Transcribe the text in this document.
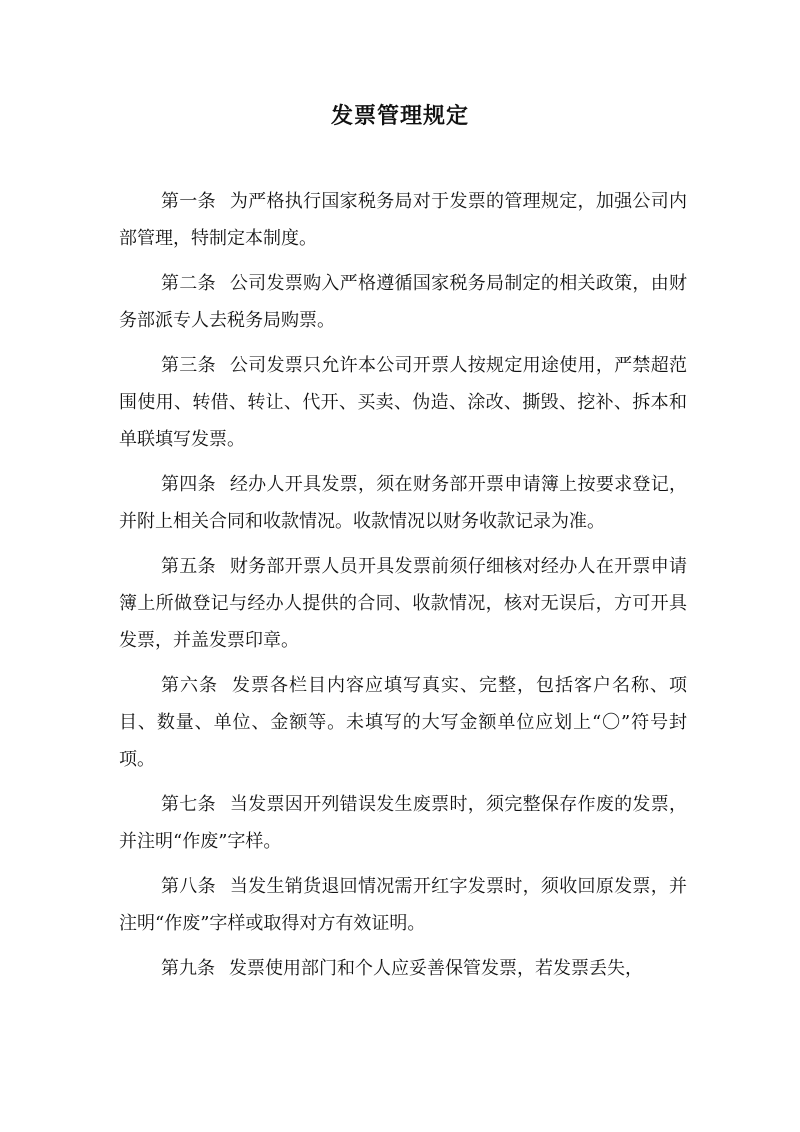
发票管理规定

第一条 为严格执行国家税务局对于发票的管理规定，加强公司内部管理，特制定本制度。

第二条 公司发票购入严格遵循国家税务局制定的相关政策，由财务部派专人去税务局购票。

第三条 公司发票只允许本公司开票人按规定用途使用，严禁超范围使用、转借、转让、代开、买卖、伪造、涂改、撕毁、挖补、拆本和单联填写发票。

第四条 经办人开具发票，须在财务部开票申请簿上按要求登记，并附上相关合同和收款情况。收款情况以财务收款记录为准。

第五条 财务部开票人员开具发票前须仔细核对经办人在开票申请簿上所做登记与经办人提供的合同、收款情况，核对无误后，方可开具发票，并盖发票印章。

第六条 发票各栏目内容应填写真实、完整，包括客户名称、项目、数量、单位、金额等。未填写的大写金额单位应划上“〇”符号封项。

第七条 当发票因开列错误发生废票时，须完整保存作废的发票，并注明“作废”字样。

第八条 当发生销货退回情况需开红字发票时，须收回原发票，并注明“作废”字样或取得对方有效证明。

第九条 发票使用部门和个人应妥善保管发票，若发票丢失，
